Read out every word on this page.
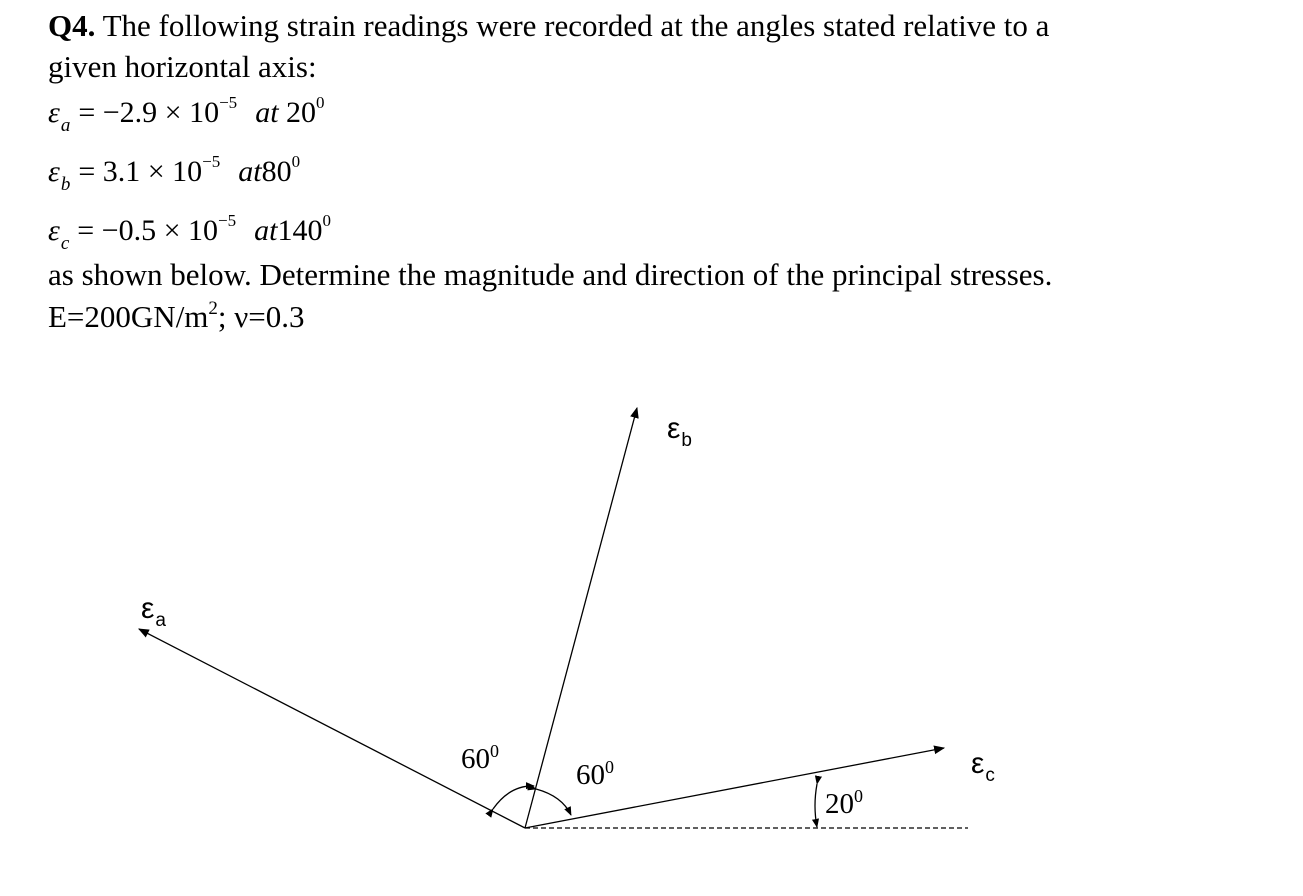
Q4. The following strain readings were recorded at the angles stated relative to a
given horizontal axis:
$\varepsilon_a = -2.9 \times 10^{-5}$ at $20^0$
$\varepsilon_b = 3.1 \times 10^{-5}$ $at80^0$
$\varepsilon_c = -0.5 \times 10^{-5}$ $at140^0$
as shown below. Determine the magnitude and direction of the principal stresses.
$E=200GN/m^2$; ν=0.3
$\varepsilon_a$
$\varepsilon_b$
$\varepsilon_c$
$60^0$
$60^0$
$20^0$
